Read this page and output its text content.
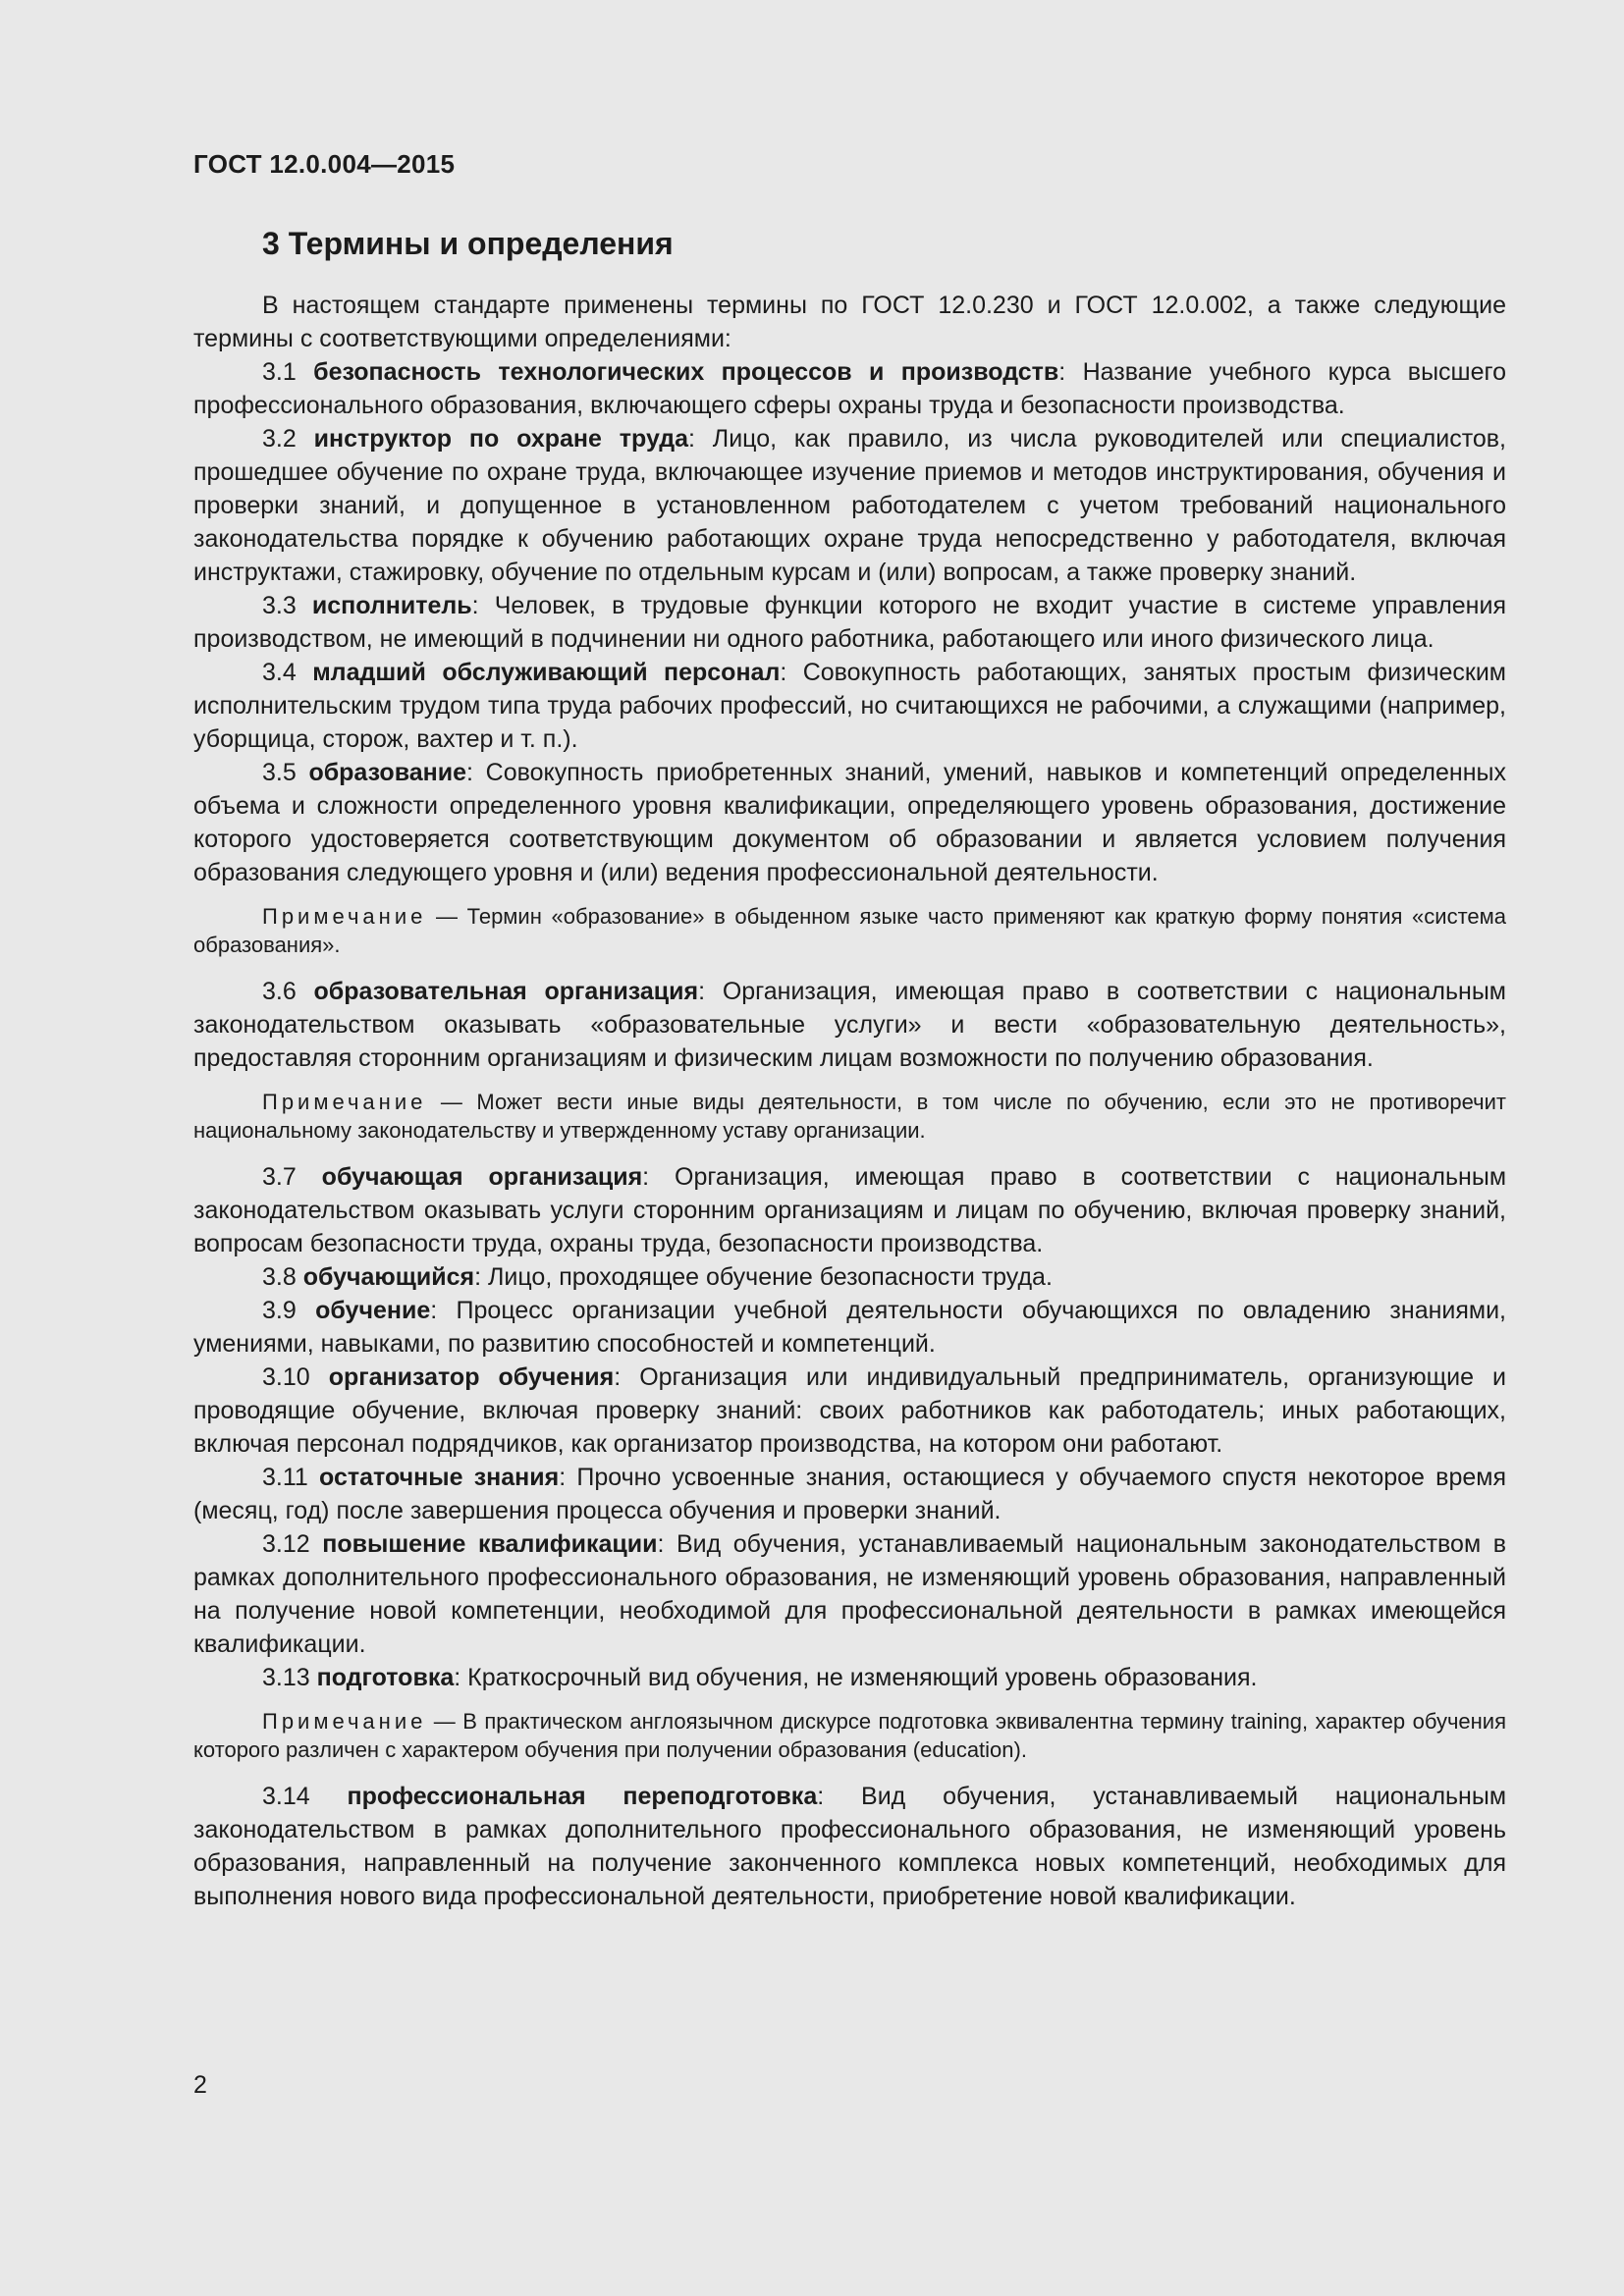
ГОСТ 12.0.004—2015
3 Термины и определения

В настоящем стандарте применены термины по ГОСТ 12.0.230 и ГОСТ 12.0.002, а также следующие термины с соответствующими определениями:

3.1 безопасность технологических процессов и производств: Название учебного курса высшего профессионального образования, включающего сферы охраны труда и безопасности производства.

3.2 инструктор по охране труда: Лицо, как правило, из числа руководителей или специалистов, прошедшее обучение по охране труда, включающее изучение приемов и методов инструктирования, обучения и проверки знаний, и допущенное в установленном работодателем с учетом требований национального законодательства порядке к обучению работающих охране труда непосредственно у работодателя, включая инструктажи, стажировку, обучение по отдельным курсам и (или) вопросам, а также проверку знаний.

3.3 исполнитель: Человек, в трудовые функции которого не входит участие в системе управления производством, не имеющий в подчинении ни одного работника, работающего или иного физического лица.

3.4 младший обслуживающий персонал: Совокупность работающих, занятых простым физическим исполнительским трудом типа труда рабочих профессий, но считающихся не рабочими, а служащими (например, уборщица, сторож, вахтер и т. п.).

3.5 образование: Совокупность приобретенных знаний, умений, навыков и компетенций определенных объема и сложности определенного уровня квалификации, определяющего уровень образования, достижение которого удостоверяется соответствующим документом об образовании и является условием получения образования следующего уровня и (или) ведения профессиональной деятельности.

Примечание — Термин «образование» в обыденном языке часто применяют как краткую форму понятия «система образования».

3.6 образовательная организация: Организация, имеющая право в соответствии с национальным законодательством оказывать «образовательные услуги» и вести «образовательную деятельность», предоставляя сторонним организациям и физическим лицам возможности по получению образования.

Примечание — Может вести иные виды деятельности, в том числе по обучению, если это не противоречит национальному законодательству и утвержденному уставу организации.

3.7 обучающая организация: Организация, имеющая право в соответствии с национальным законодательством оказывать услуги сторонним организациям и лицам по обучению, включая проверку знаний, вопросам безопасности труда, охраны труда, безопасности производства.

3.8 обучающийся: Лицо, проходящее обучение безопасности труда.

3.9 обучение: Процесс организации учебной деятельности обучающихся по овладению знаниями, умениями, навыками, по развитию способностей и компетенций.

3.10 организатор обучения: Организация или индивидуальный предприниматель, организующие и проводящие обучение, включая проверку знаний: своих работников как работодатель; иных работающих, включая персонал подрядчиков, как организатор производства, на котором они работают.

3.11 остаточные знания: Прочно усвоенные знания, остающиеся у обучаемого спустя некоторое время (месяц, год) после завершения процесса обучения и проверки знаний.

3.12 повышение квалификации: Вид обучения, устанавливаемый национальным законодательством в рамках дополнительного профессионального образования, не изменяющий уровень образования, направленный на получение новой компетенции, необходимой для профессиональной деятельности в рамках имеющейся квалификации.

3.13 подготовка: Краткосрочный вид обучения, не изменяющий уровень образования.

Примечание — В практическом англоязычном дискурсе подготовка эквивалентна термину training, характер обучения которого различен с характером обучения при получении образования (education).

3.14 профессиональная переподготовка: Вид обучения, устанавливаемый национальным законодательством в рамках дополнительного профессионального образования, не изменяющий уровень образования, направленный на получение законченного комплекса новых компетенций, необходимых для выполнения нового вида профессиональной деятельности, приобретение новой квалификации.

2
